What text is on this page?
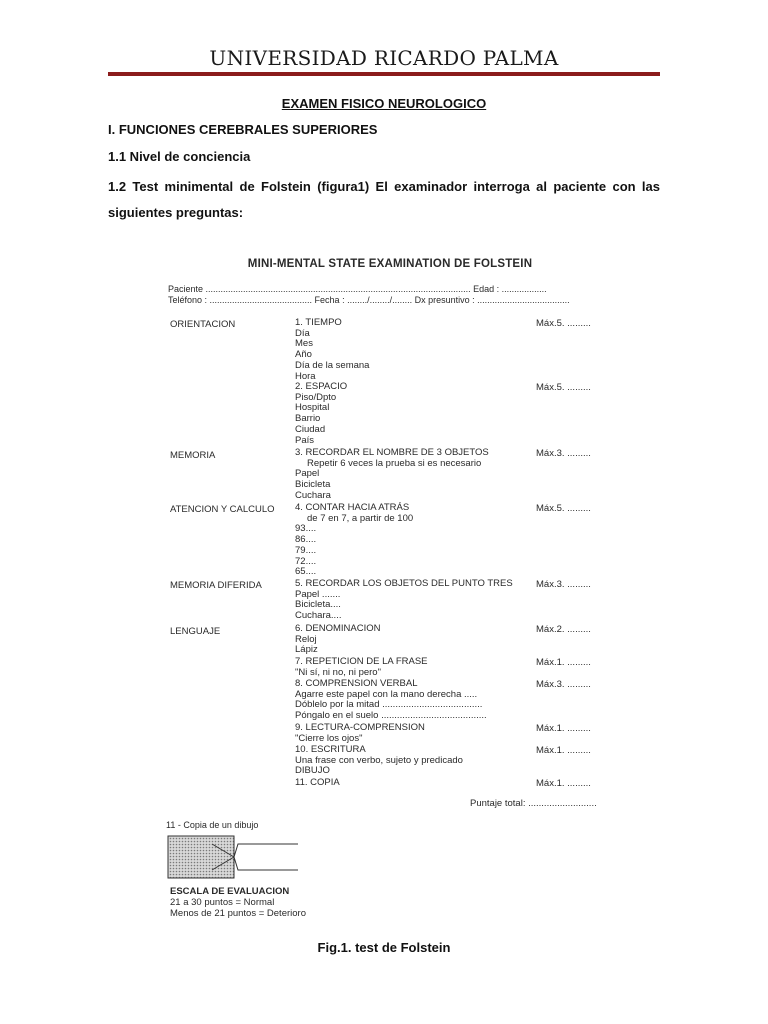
UNIVERSIDAD RICARDO PALMA
EXAMEN FISICO NEUROLOGICO
I. FUNCIONES CEREBRALES SUPERIORES
1.1 Nivel de conciencia
1.2 Test minimental de Folstein (figura1) El examinador interroga al paciente con las siguientes preguntas:
MINI-MENTAL STATE EXAMINATION DE FOLSTEIN
Paciente .......................................................................................................... Edad : ..................
Teléfono : ......................................... Fecha : ......../......../........ Dx presuntivo : .....................................
ORIENTACION
MEMORIA
ATENCION Y CALCULO
MEMORIA DIFERIDA
LENGUAJE
1. TIEMPO
Día
Mes
Año
Día de la semana
Hora
2. ESPACIO
Piso/Dpto
Hospital
Barrio
Ciudad
País
3. RECORDAR EL NOMBRE DE 3 OBJETOS
Repetir 6 veces la prueba si es necesario
Papel
Bicicleta
Cuchara
4. CONTAR HACIA ATRÁS
de 7 en 7, a partir de 100
93....
86....
79....
72....
65....
5. RECORDAR LOS OBJETOS DEL PUNTO TRES
Papel .......
Bicicleta....
Cuchara....
6. DENOMINACION
Reloj
Lápiz
7. REPETICION DE LA FRASE
"Ni sí, ni no, ni pero"
8. COMPRENSION VERBAL
Agarre este papel con la mano derecha .....
Dóblelo por la mitad ......................................
Póngalo en el suelo ........................................
9. LECTURA-COMPRENSION
"Cierre los ojos"
10. ESCRITURA
Una frase con verbo, sujeto y predicado
DIBUJO
11. COPIA
Máx.5. .........
Máx.5. .........
Máx.3. .........
Máx.5. .........
Máx.3. .........
Máx.2. .........
Máx.1. .........
Máx.3. .........
Máx.1. .........
Máx.1. .........
Máx.1. .........
Puntaje total: ..........................
11 - Copia de un dibujo
ESCALA DE EVALUACION
21 a 30 puntos = Normal
Menos de 21 puntos = Deterioro
Fig.1. test de Folstein
